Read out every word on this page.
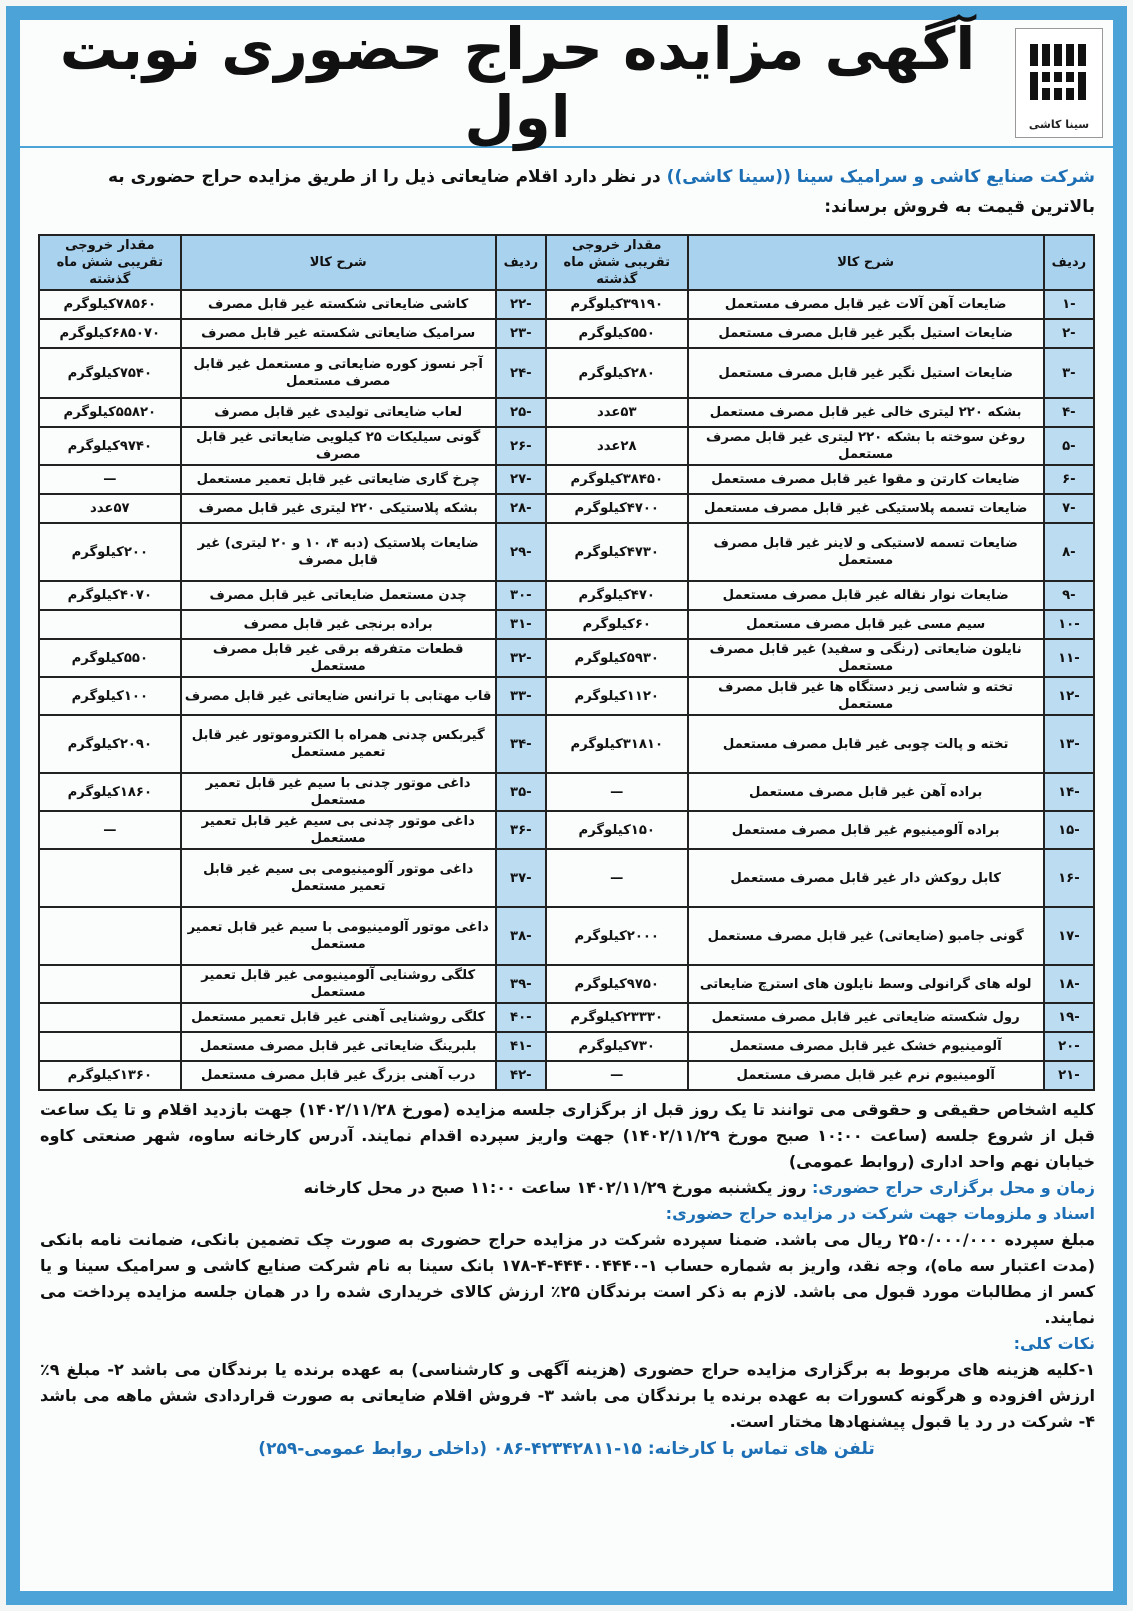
سینا کاشی
آگهی مزایده حراج حضوری نوبت اول
شرکت صنایع کاشی و سرامیک سینا ((سینا کاشی)) در نظر دارد اقلام ضایعاتی ذیل را از طریق مزایده حراج حضوری به بالاترین قیمت به فروش برساند:
ردیف	شرح کالا	مقدار خروجی تقریبی شش ماه گذشته	ردیف	شرح کالا	مقدار خروجی تقریبی شش ماه گذشته
-۱	ضایعات آهن آلات غیر قابل مصرف مستعمل	۳۹۱۹۰کیلوگرم	-۲۲	کاشی ضایعاتی شکسته غیر قابل مصرف	۷۸۵۶۰کیلوگرم
-۲	ضایعات استیل بگیر غیر قابل مصرف مستعمل	۵۵۰کیلوگرم	-۲۳	سرامیک ضایعاتی شکسته غیر قابل مصرف	۶۸۵۰۷۰کیلوگرم
-۳	ضایعات استیل نگیر غیر قابل مصرف مستعمل	۲۸۰کیلوگرم	-۲۴	آجر نسوز کوره ضایعاتی و مستعمل غیر قابل مصرف مستعمل	۷۵۴۰کیلوگرم
-۴	بشکه ۲۲۰ لیتری خالی غیر قابل مصرف مستعمل	۵۳عدد	-۲۵	لعاب ضایعاتی تولیدی غیر قابل مصرف	۵۵۸۲۰کیلوگرم
-۵	روغن سوخته با بشکه ۲۲۰ لیتری غیر قابل مصرف مستعمل	۲۸عدد	-۲۶	گونی سیلیکات ۲۵ کیلویی ضایعاتی غیر قابل مصرف	۹۷۴۰کیلوگرم
-۶	ضایعات کارتن و مقوا غیر قابل مصرف مستعمل	۳۸۴۵۰کیلوگرم	-۲۷	چرخ گاری ضایعاتی غیر قابل تعمیر مستعمل	—
-۷	ضایعات تسمه پلاستیکی غیر قابل مصرف مستعمل	۴۷۰۰کیلوگرم	-۲۸	بشکه پلاستیکی ۲۲۰ لیتری غیر قابل مصرف	۵۷عدد
-۸	ضایعات تسمه لاستیکی و لاینر غیر قابل مصرف مستعمل	۴۷۳۰کیلوگرم	-۲۹	ضایعات پلاستیک (دبه ۴، ۱۰ و ۲۰ لیتری) غیر قابل مصرف	۲۰۰کیلوگرم
-۹	ضایعات نوار نقاله غیر قابل مصرف مستعمل	۴۷۰کیلوگرم	-۳۰	چدن مستعمل ضایعاتی غیر قابل مصرف	۴۰۷۰کیلوگرم
-۱۰	سیم مسی غیر قابل مصرف مستعمل	۶۰کیلوگرم	-۳۱	براده برنجی غیر قابل مصرف	
-۱۱	نایلون ضایعاتی (رنگی و سفید) غیر قابل مصرف مستعمل	۵۹۳۰کیلوگرم	-۳۲	قطعات متفرقه برقی غیر قابل مصرف مستعمل	۵۵۰کیلوگرم
-۱۲	تخته و شاسی زیر دستگاه ها غیر قابل مصرف مستعمل	۱۱۲۰کیلوگرم	-۳۳	قاب مهتابی با ترانس ضایعاتی غیر قابل مصرف	۱۰۰کیلوگرم
-۱۳	تخته و پالت چوبی غیر قابل مصرف مستعمل	۳۱۸۱۰کیلوگرم	-۳۴	گیربکس چدنی همراه با الکتروموتور غیر قابل تعمیر مستعمل	۲۰۹۰کیلوگرم
-۱۴	براده آهن غیر قابل مصرف مستعمل	—	-۳۵	داغی موتور چدنی با سیم غیر قابل تعمیر مستعمل	۱۸۶۰کیلوگرم
-۱۵	براده آلومینیوم غیر قابل مصرف مستعمل	۱۵۰کیلوگرم	-۳۶	داغی موتور چدنی بی سیم غیر قابل تعمیر مستعمل	—
-۱۶	کابل روکش دار غیر قابل مصرف مستعمل	—	-۳۷	داغی موتور آلومینیومی بی سیم غیر قابل تعمیر مستعمل	
-۱۷	گونی جامبو (ضایعاتی) غیر قابل مصرف مستعمل	۲۰۰۰کیلوگرم	-۳۸	داغی موتور آلومینیومی با سیم غیر قابل تعمیر مستعمل	
-۱۸	لوله های گرانولی وسط نایلون های استرچ ضایعاتی	۹۷۵۰کیلوگرم	-۳۹	کلگی روشنایی آلومینیومی غیر قابل تعمیر مستعمل	
-۱۹	رول شکسته ضایعاتی غیر قابل مصرف مستعمل	۲۳۳۳۰کیلوگرم	-۴۰	کلگی روشنایی آهنی غیر قابل تعمیر مستعمل	
-۲۰	آلومینیوم خشک غیر قابل مصرف مستعمل	۷۳۰کیلوگرم	-۴۱	بلبرینگ ضایعاتی غیر قابل مصرف مستعمل	
-۲۱	آلومینیوم نرم غیر قابل مصرف مستعمل	—	-۴۲	درب آهنی بزرگ غیر قابل مصرف مستعمل	۱۳۶۰کیلوگرم

کلیه اشخاص حقیقی و حقوقی می توانند تا یک روز قبل از برگزاری جلسه مزایده (مورخ ۱۴۰۲/۱۱/۲۸) جهت بازدید اقلام و تا یک ساعت قبل از شروع جلسه (ساعت ۱۰:۰۰ صبح مورخ ۱۴۰۲/۱۱/۲۹) جهت واریز سپرده اقدام نمایند. آدرس کارخانه ساوه، شهر صنعتی کاوه خیابان نهم واحد اداری (روابط عمومی)

زمان و محل برگزاری حراج حضوری: روز یکشنبه مورخ ۱۴۰۲/۱۱/۲۹ ساعت ۱۱:۰۰ صبح در محل کارخانه

اسناد و ملزومات جهت شرکت در مزایده حراج حضوری:

مبلغ سپرده ۲۵۰/۰۰۰/۰۰۰ ریال می باشد. ضمنا سپرده شرکت در مزایده حراج حضوری به صورت چک تضمین بانکی، ضمانت نامه بانکی (مدت اعتبار سه ماه)، وجه نقد، واریز به شماره حساب ۱-۴۴۴۰۰۴۴۴۰-۴-۱۷۸ بانک سینا به نام شرکت صنایع کاشی و سرامیک سینا و یا کسر از مطالبات مورد قبول می باشد. لازم به ذکر است برندگان ۲۵٪ ارزش کالای خریداری شده را در همان جلسه مزایده پرداخت می نمایند.

نکات کلی:

۱-کلیه هزینه های مربوط به برگزاری مزایده حراج حضوری (هزینه آگهی و کارشناسی) به عهده برنده یا برندگان می باشد ۲- مبلغ ۹٪ ارزش افزوده و هرگونه کسورات به عهده برنده یا برندگان می باشد ۳- فروش اقلام ضایعاتی به صورت قراردادی شش ماهه می باشد ۴- شرکت در رد یا قبول پیشنهادها مختار است.

تلفن های تماس با کارخانه: ۱۵-۴۲۳۴۲۸۱۱-۰۸۶ (داخلی روابط عمومی-۲۵۹)
